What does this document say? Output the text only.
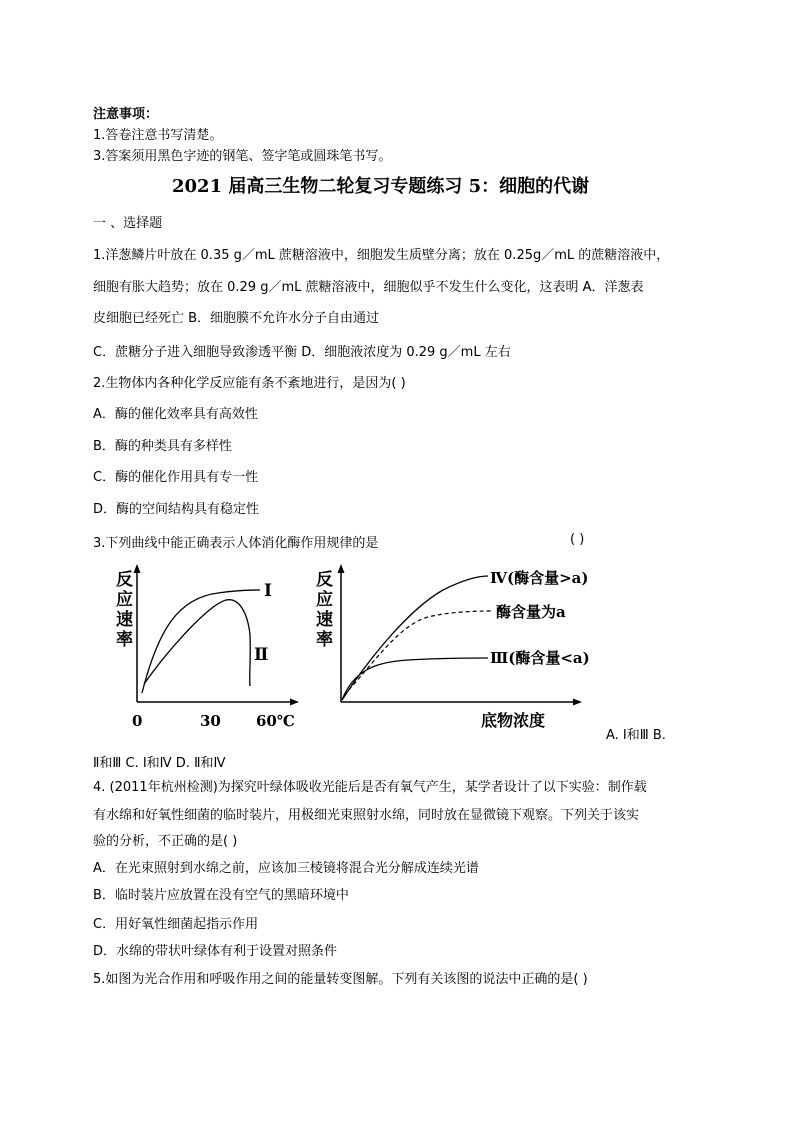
注意事项：
1.答卷注意书写清楚。
3.答案须用黑色字迹的钢笔、签字笔或圆珠笔书写。
2021 届高三生物二轮复习专题练习 5：细胞的代谢
一 、选择题
1.洋葱鳞片叶放在 0.35 g／mL 蔗糖溶液中，细胞发生质壁分离；放在 0.25g／mL 的蔗糖溶液中，
细胞有胀大趋势；放在 0.29 g／mL 蔗糖溶液中，细胞似乎不发生什么变化，这表明 A．洋葱表
皮细胞已经死亡 B．细胞膜不允许水分子自由通过
C．蔗糖分子进入细胞导致渗透平衡 D．细胞液浓度为 0.29 g／mL 左右
2.生物体内各种化学反应能有条不紊地进行，是因为( )
A．酶的催化效率具有高效性
B．酶的种类具有多样性
C．酶的催化作用具有专一性
D．酶的空间结构具有稳定性
3.下列曲线中能正确表示人体消化酶作用规律的是	( )
反
应
速
率
Ⅰ
Ⅱ
0	30 60℃
反
应
速
率
Ⅳ(酶含量>a)
酶含量为a
Ⅲ(酶含量<a)
底物浓度
A. Ⅰ和Ⅲ B.
Ⅱ和Ⅲ C. Ⅰ和Ⅳ D. Ⅱ和Ⅳ
4. (2011年杭州检测)为探究叶绿体吸收光能后是否有氧气产生，某学者设计了以下实验：制作载
有水绵和好氧性细菌的临时装片，用极细光束照射水绵，同时放在显微镜下观察。下列关于该实
验的分析，不正确的是( )
A．在光束照射到水绵之前，应该加三棱镜将混合光分解成连续光谱
B．临时装片应放置在没有空气的黑暗环境中
C．用好氧性细菌起指示作用
D．水绵的带状叶绿体有利于设置对照条件
5.如图为光合作用和呼吸作用之间的能量转变图解。下列有关该图的说法中正确的是( )
